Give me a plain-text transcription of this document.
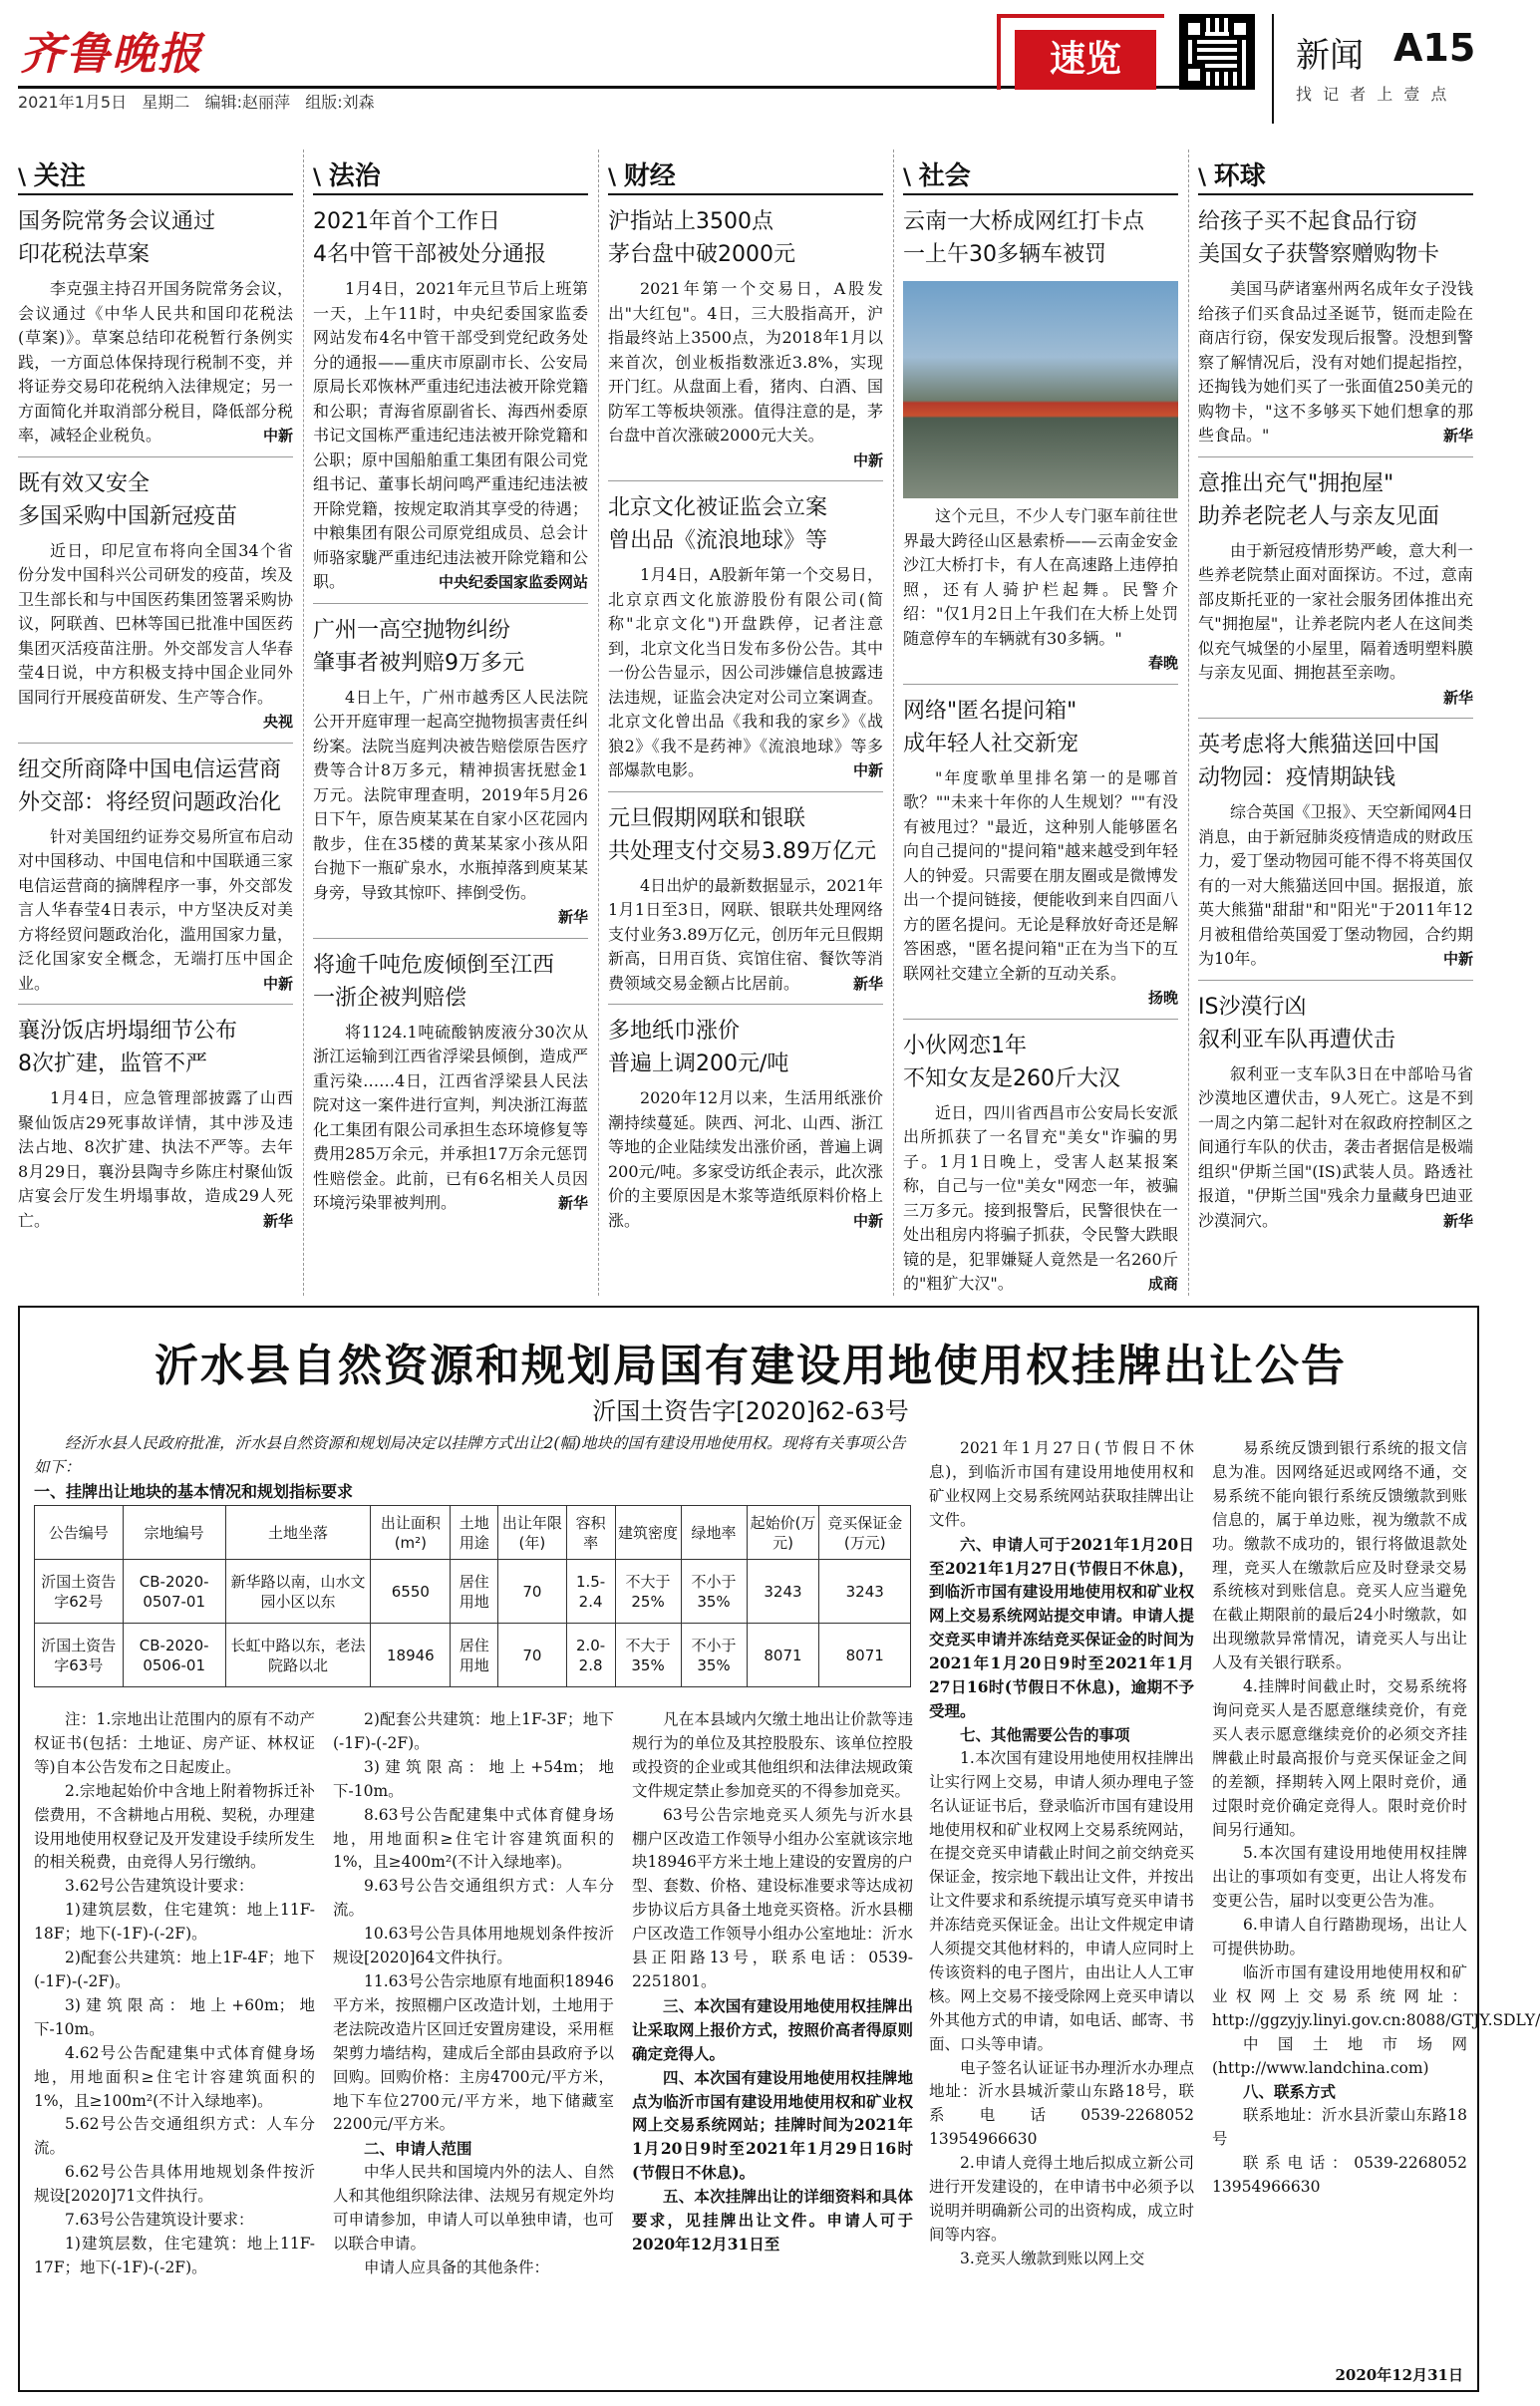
齐鲁晚报
2021年1月5日   星期二   编辑:赵丽萍   组版:刘森
速览	新闻 A15
找 记 者 上 壹 点
\ 关注
国务院常务会议通过
印花税法草案
李克强主持召开国务院常务会议，会议通过《中华人民共和国印花税法(草案)》。草案总结印花税暂行条例实践，一方面总体保持现行税制不变，并将证券交易印花税纳入法律规定；另一方面简化并取消部分税目，降低部分税率，减轻企业税负。	中新
既有效又安全
多国采购中国新冠疫苗
近日，印尼宣布将向全国34个省份分发中国科兴公司研发的疫苗，埃及卫生部长和与中国医药集团签署采购协议，阿联酋、巴林等国已批准中国医药集团灭活疫苗注册。外交部发言人华春莹4日说，中方积极支持中国企业同外国同行开展疫苗研发、生产等合作。
央视
纽交所商降中国电信运营商
外交部：将经贸问题政治化
针对美国纽约证券交易所宣布启动对中国移动、中国电信和中国联通三家电信运营商的摘牌程序一事，外交部发言人华春莹4日表示，中方坚决反对美方将经贸问题政治化，滥用国家力量，泛化国家安全概念，无端打压中国企业。	中新
襄汾饭店坍塌细节公布
8次扩建，监管不严
1月4日，应急管理部披露了山西聚仙饭店29死事故详情，其中涉及违法占地、8次扩建、执法不严等。去年8月29日，襄汾县陶寺乡陈庄村聚仙饭店宴会厅发生坍塌事故，造成29人死亡。	新华
\ 法治
2021年首个工作日
4名中管干部被处分通报
1月4日，2021年元旦节后上班第一天，上午11时，中央纪委国家监委网站发布4名中管干部受到党纪政务处分的通报——重庆市原副市长、公安局原局长邓恢林严重违纪违法被开除党籍和公职；青海省原副省长、海西州委原书记文国栋严重违纪违法被开除党籍和公职；原中国船舶重工集团有限公司党组书记、董事长胡问鸣严重违纪违法被开除党籍，按规定取消其享受的待遇；中粮集团有限公司原党组成员、总会计师骆家駹严重违纪违法被开除党籍和公职。	中央纪委国家监委网站
广州一高空抛物纠纷
肇事者被判赔9万多元
4日上午，广州市越秀区人民法院公开开庭审理一起高空抛物损害责任纠纷案。法院当庭判决被告赔偿原告医疗费等合计8万多元，精神损害抚慰金1万元。法院审理查明，2019年5月26日下午，原告庾某某在自家小区花园内散步，住在35楼的黄某某家小孩从阳台抛下一瓶矿泉水，水瓶掉落到庾某某身旁，导致其惊吓、摔倒受伤。
新华
将逾千吨危废倾倒至江西
一浙企被判赔偿
将1124.1吨硫酸钠废液分30次从浙江运输到江西省浮梁县倾倒，造成严重污染……4日，江西省浮梁县人民法院对这一案件进行宣判，判决浙江海蓝化工集团有限公司承担生态环境修复等费用285万余元，并承担17万余元惩罚性赔偿金。此前，已有6名相关人员因环境污染罪被判刑。	新华
\ 财经
沪指站上3500点
茅台盘中破2000元
2021年第一个交易日，A股发出"大红包"。4日，三大股指高开，沪指最终站上3500点，为2018年1月以来首次，创业板指数涨近3.8%，实现开门红。从盘面上看，猪肉、白酒、国防军工等板块领涨。值得注意的是，茅台盘中首次涨破2000元大关。
中新
北京文化被证监会立案
曾出品《流浪地球》等
1月4日，A股新年第一个交易日，北京京西文化旅游股份有限公司(简称"北京文化")开盘跌停，记者注意到，北京文化当日发布多份公告。其中一份公告显示，因公司涉嫌信息披露违法违规，证监会决定对公司立案调查。北京文化曾出品《我和我的家乡》《战狼2》《我不是药神》《流浪地球》等多部爆款电影。	中新
元旦假期网联和银联
共处理支付交易3.89万亿元
4日出炉的最新数据显示，2021年1月1日至3日，网联、银联共处理网络支付业务3.89万亿元，创历年元旦假期新高，日用百货、宾馆住宿、餐饮等消费领域交易金额占比居前。	新华
多地纸巾涨价
普遍上调200元/吨
2020年12月以来，生活用纸涨价潮持续蔓延。陕西、河北、山西、浙江等地的企业陆续发出涨价函，普遍上调200元/吨。多家受访纸企表示，此次涨价的主要原因是木浆等造纸原料价格上涨。	中新
\ 社会
云南一大桥成网红打卡点
一上午30多辆车被罚
这个元旦，不少人专门驱车前往世界最大跨径山区悬索桥——云南金安金沙江大桥打卡，有人在高速路上违停拍照，还有人骑护栏起舞。民警介绍："仅1月2日上午我们在大桥上处罚随意停车的车辆就有30多辆。"
春晚
网络"匿名提问箱"
成年轻人社交新宠
"年度歌单里排名第一的是哪首歌？""未来十年你的人生规划？""有没有被甩过？"最近，这种别人能够匿名向自己提问的"提问箱"越来越受到年轻人的钟爱。只需要在朋友圈或是微博发出一个提问链接，便能收到来自四面八方的匿名提问。无论是释放好奇还是解答困惑，"匿名提问箱"正在为当下的互联网社交建立全新的互动关系。
扬晚
小伙网恋1年
不知女友是260斤大汉
近日，四川省西昌市公安局长安派出所抓获了一名冒充"美女"诈骗的男子。1月1日晚上，受害人赵某报案称，自己与一位"美女"网恋一年，被骗三万多元。接到报警后，民警很快在一处出租房内将骗子抓获，令民警大跌眼镜的是，犯罪嫌疑人竟然是一名260斤的"粗犷大汉"。	成商
\ 环球
给孩子买不起食品行窃
美国女子获警察赠购物卡
美国马萨诸塞州两名成年女子没钱给孩子们买食品过圣诞节，铤而走险在商店行窃，保安发现后报警。没想到警察了解情况后，没有对她们提起指控，还掏钱为她们买了一张面值250美元的购物卡，"这不多够买下她们想拿的那些食品。"	新华
意推出充气"拥抱屋"
助养老院老人与亲友见面
由于新冠疫情形势严峻，意大利一些养老院禁止面对面探访。不过，意南部皮斯托亚的一家社会服务团体推出充气"拥抱屋"，让养老院内老人在这间类似充气城堡的小屋里，隔着透明塑料膜与亲友见面、拥抱甚至亲吻。
新华
英考虑将大熊猫送回中国
动物园：疫情期缺钱
综合英国《卫报》、天空新闻网4日消息，由于新冠肺炎疫情造成的财政压力，爱丁堡动物园可能不得不将英国仅有的一对大熊猫送回中国。据报道，旅英大熊猫"甜甜"和"阳光"于2011年12月被租借给英国爱丁堡动物园，合约期为10年。	中新
IS沙漠行凶
叙利亚车队再遭伏击
叙利亚一支车队3日在中部哈马省沙漠地区遭伏击，9人死亡。这是不到一周之内第二起针对在叙政府控制区之间通行车队的伏击，袭击者据信是极端组织"伊斯兰国"(IS)武装人员。路透社报道，"伊斯兰国"残余力量藏身巴迪亚沙漠洞穴。	新华
沂水县自然资源和规划局国有建设用地使用权挂牌出让公告
沂国土资告字[2020]62-63号
经沂水县人民政府批准，沂水县自然资源和规划局决定以挂牌方式出让2(幅)地块的国有建设用地使用权。现将有关事项公告如下：
一、挂牌出让地块的基本情况和规划指标要求
公告编号	宗地编号	土地坐落	出让面积(m²)	土地用途	出让年限(年)	容积率	建筑密度	绿地率	起始价(万元)	竞买保证金(万元)
沂国土资告字62号	CB-2020-0507-01	新华路以南，山水文园小区以东	6550	居住用地	70	1.5-2.4	不大于25%	不小于35%	3243	3243
沂国土资告字63号	CB-2020-0506-01	长虹中路以东，老法院路以北	18946	居住用地	70	2.0-2.8	不大于35%	不小于35%	8071	8071

注：1.宗地出让范围内的原有不动产权证书(包括：土地证、房产证、林权证等)自本公告发布之日起废止。

2.宗地起始价中含地上附着物拆迁补偿费用，不含耕地占用税、契税，办理建设用地使用权登记及开发建设手续所发生的相关税费，由竞得人另行缴纳。

3.62号公告建筑设计要求：

1)建筑层数，住宅建筑：地上11F-18F；地下(-1F)-(-2F)。

2)配套公共建筑：地上1F-4F；地下(-1F)-(-2F)。

3)建筑限高：地上+60m；地下-10m。

4.62号公告配建集中式体育健身场地，用地面积≥住宅计容建筑面积的1%，且≥100m²(不计入绿地率)。

5.62号公告交通组织方式：人车分流。

6.62号公告具体用地规划条件按沂规设[2020]71文件执行。

7.63号公告建筑设计要求：

1)建筑层数，住宅建筑：地上11F-17F；地下(-1F)-(-2F)。

2)配套公共建筑：地上1F-3F；地下(-1F)-(-2F)。

3)建筑限高：地上+54m；地下-10m。

8.63号公告配建集中式体育健身场地，用地面积≥住宅计容建筑面积的1%，且≥400m²(不计入绿地率)。

9.63号公告交通组织方式：人车分流。

10.63号公告具体用地规划条件按沂规设[2020]64文件执行。

11.63号公告宗地原有地面积18946平方米，按照棚户区改造计划，土地用于老法院改造片区回迁安置房建设，采用框架剪力墙结构，建成后全部由县政府予以回购。回购价格：主房4700元/平方米，地下车位2700元/平方米，地下储藏室2200元/平方米。

二、申请人范围

中华人民共和国境内外的法人、自然人和其他组织除法律、法规另有规定外均可申请参加，申请人可以单独申请，也可以联合申请。

申请人应具备的其他条件：

凡在本县域内欠缴土地出让价款等违规行为的单位及其控股股东、该单位控股或投资的企业或其他组织和法律法规政策文件规定禁止参加竞买的不得参加竞买。

63号公告宗地竞买人须先与沂水县棚户区改造工作领导小组办公室就该宗地块18946平方米土地上建设的安置房的户型、套数、价格、建设标准要求等达成初步协议后方具备土地竞买资格。沂水县棚户区改造工作领导小组办公室地址：沂水县正阳路13号，联系电话：0539-2251801。

三、本次国有建设用地使用权挂牌出让采取网上报价方式，按照价高者得原则确定竞得人。

四、本次国有建设用地使用权挂牌地点为临沂市国有建设用地使用权和矿业权网上交易系统网站；挂牌时间为2021年1月20日9时至2021年1月29日16时(节假日不休息)。

五、本次挂牌出让的详细资料和具体要求，见挂牌出让文件。申请人可于2020年12月31日至

2021年1月27日(节假日不休息)，到临沂市国有建设用地使用权和矿业权网上交易系统网站获取挂牌出让文件。

六、申请人可于2021年1月20日至2021年1月27日(节假日不休息)，到临沂市国有建设用地使用权和矿业权网上交易系统网站提交申请。申请人提交竞买申请并冻结竞买保证金的时间为2021年1月20日9时至2021年1月27日16时(节假日不休息)，逾期不予受理。

七、其他需要公告的事项

1.本次国有建设用地使用权挂牌出让实行网上交易，申请人须办理电子签名认证证书后，登录临沂市国有建设用地使用权和矿业权网上交易系统网站，在提交竞买申请截止时间之前交纳竞买保证金，按宗地下载出让文件，并按出让文件要求和系统提示填写竞买申请书并冻结竞买保证金。出让文件规定申请人须提交其他材料的，申请人应同时上传该资料的电子图片，由出让人人工审核。网上交易不接受除网上竞买申请以外其他方式的申请，如电话、邮寄、书面、口头等申请。

电子签名认证证书办理沂水办理点地址：沂水县城沂蒙山东路18号，联系电话0539-2268052 13954966630

2.申请人竞得土地后拟成立新公司进行开发建设的，在申请书中必须予以说明并明确新公司的出资构成，成立时间等内容。

3.竞买人缴款到账以网上交

易系统反馈到银行系统的报文信息为准。因网络延迟或网络不通，交易系统不能向银行系统反馈缴款到账信息的，属于单边账，视为缴款不成功。缴款不成功的，银行将做退款处理，竞买人在缴款后应及时登录交易系统核对到账信息。竞买人应当避免在截止期限前的最后24小时缴款，如出现缴款异常情况，请竞买人与出让人及有关银行联系。

4.挂牌时间截止时，交易系统将询问竞买人是否愿意继续竞价，有竞买人表示愿意继续竞价的必须交齐挂牌截止时最高报价与竞买保证金之间的差额，择期转入网上限时竞价，通过限时竞价确定竞得人。限时竞价时间另行通知。

5.本次国有建设用地使用权挂牌出让的事项如有变更，出让人将发布变更公告，届时以变更公告为准。

6.申请人自行踏勘现场，出让人可提供协助。

临沂市国有建设用地使用权和矿业权网上交易系统网址：http://ggzyjy.linyi.gov.cn:8088/GTJY.SDLY/

中国土地市场网(http://www.landchina.com)

八、联系方式

联系地址：沂水县沂蒙山东路18号

联系电话：0539-2268052 13954966630

2020年12月31日
